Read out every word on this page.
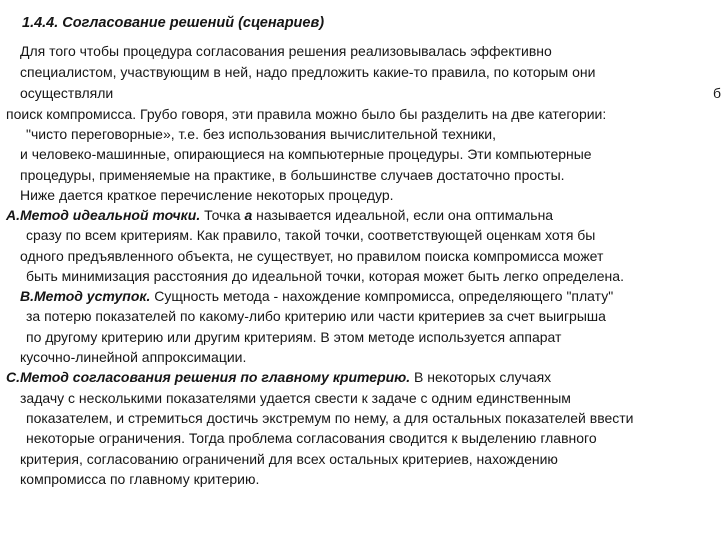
1.4.4. Согласование решений (сценариев)
Для того чтобы процедура согласования решения реализовывалась эффективно
специалистом, участвующим в ней, надо предложить какие-то правила, по которым они
осуществляли	б
поиск компромисса. Грубо говоря, эти правила можно было бы разделить на две категории:
"чисто переговорные», т.е. без использования вычислительной техники,
и человеко-машинные, опирающиеся на компьютерные процедуры. Эти компьютерные
процедуры, применяемые на практике, в большинстве случаев достаточно просты.
Ниже дается краткое перечисление некоторых процедур.
А.Метод идеальной точки. Точка а называется идеальной, если она оптимальна
сразу по всем критериям. Как правило, такой точки, соответствующей оценкам хотя бы
одного предъявленного объекта, не существует, но правилом поиска компромисса может
быть минимизация расстояния до идеальной точки, которая может быть легко определена.
B.Метод уступок. Сущность метода - нахождение компромисса, определяющего "плату"
за потерю показателей по какому-либо критерию или части критериев за счет выигрыша
по другому критерию или другим критериям. В этом методе используется аппарат
кусочно-линейной аппроксимации.
С.Метод согласования решения по главному критерию. В некоторых случаях
задачу с несколькими показателями удается свести к задаче с одним единственным
показателем, и стремиться достичь экстремум по нему, а для остальных показателей ввести
некоторые ограничения. Тогда проблема согласования сводится к выделению главного
критерия, согласованию ограничений для всех остальных критериев, нахождению
компромисса по главному критерию.
